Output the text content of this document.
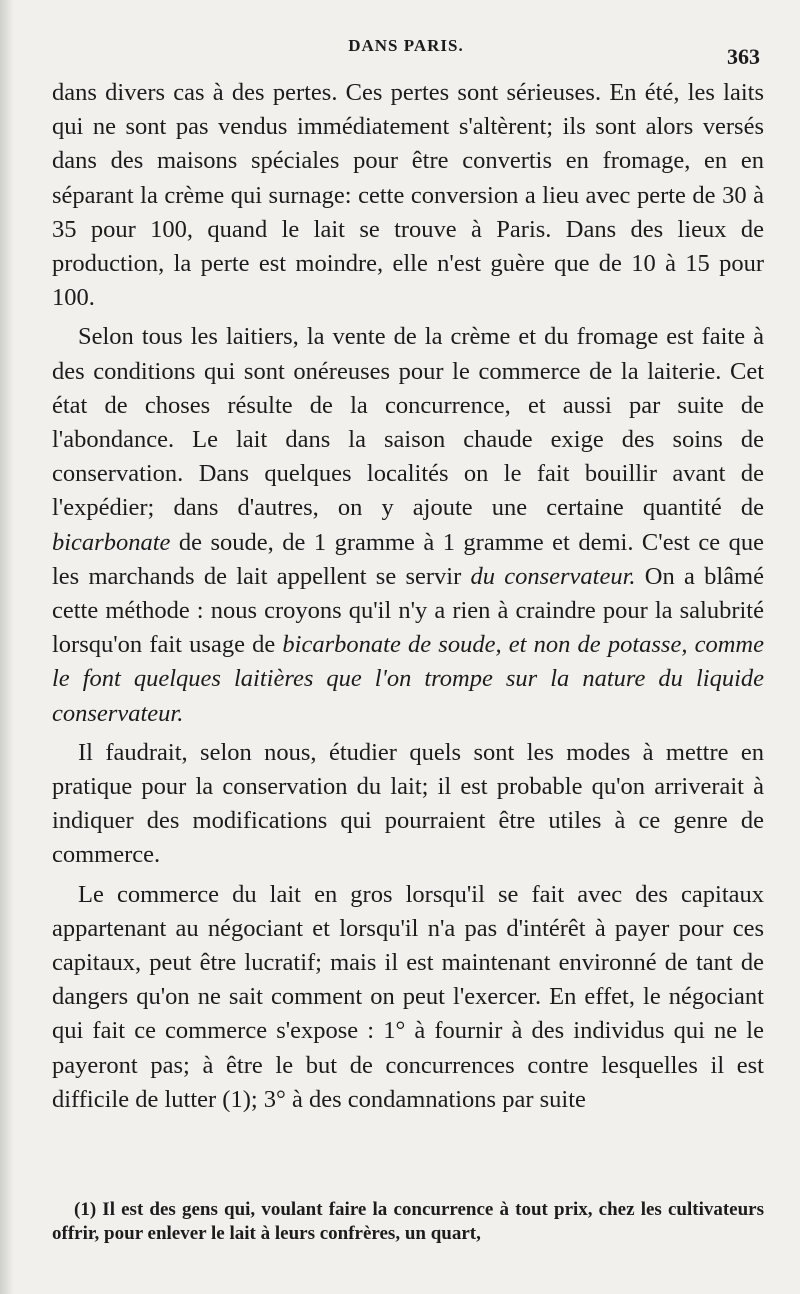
DANS PARIS.	363

dans divers cas à des pertes. Ces pertes sont sérieuses. En été, les laits qui ne sont pas vendus immédiatement s'altèrent; ils sont alors versés dans des maisons spéciales pour être convertis en fromage, en en séparant la crème qui surnage: cette conversion a lieu avec perte de 30 à 35 pour 100, quand le lait se trouve à Paris. Dans des lieux de production, la perte est moindre, elle n'est guère que de 10 à 15 pour 100.

Selon tous les laitiers, la vente de la crème et du fromage est faite à des conditions qui sont onéreuses pour le commerce de la laiterie. Cet état de choses résulte de la concurrence, et aussi par suite de l'abondance. Le lait dans la saison chaude exige des soins de conservation. Dans quelques localités on le fait bouillir avant de l'expédier; dans d'autres, on y ajoute une certaine quantité de bicarbonate de soude, de 1 gramme à 1 gramme et demi. C'est ce que les marchands de lait appellent se servir du conservateur. On a blâmé cette méthode : nous croyons qu'il n'y a rien à craindre pour la salubrité lorsqu'on fait usage de bicarbonate de soude, et non de potasse, comme le font quelques laitières que l'on trompe sur la nature du liquide conservateur.

Il faudrait, selon nous, étudier quels sont les modes à mettre en pratique pour la conservation du lait; il est probable qu'on arriverait à indiquer des modifications qui pourraient être utiles à ce genre de commerce.

Le commerce du lait en gros lorsqu'il se fait avec des capitaux appartenant au négociant et lorsqu'il n'a pas d'intérêt à payer pour ces capitaux, peut être lucratif; mais il est maintenant environné de tant de dangers qu'on ne sait comment on peut l'exercer. En effet, le négociant qui fait ce commerce s'expose : 1° à fournir à des individus qui ne le payeront pas; à être le but de concurrences contre lesquelles il est difficile de lutter (1); 3° à des condamnations par suite

(1) Il est des gens qui, voulant faire la concurrence à tout prix, chez les cultivateurs offrir, pour enlever le lait à leurs confrères, un quart,
